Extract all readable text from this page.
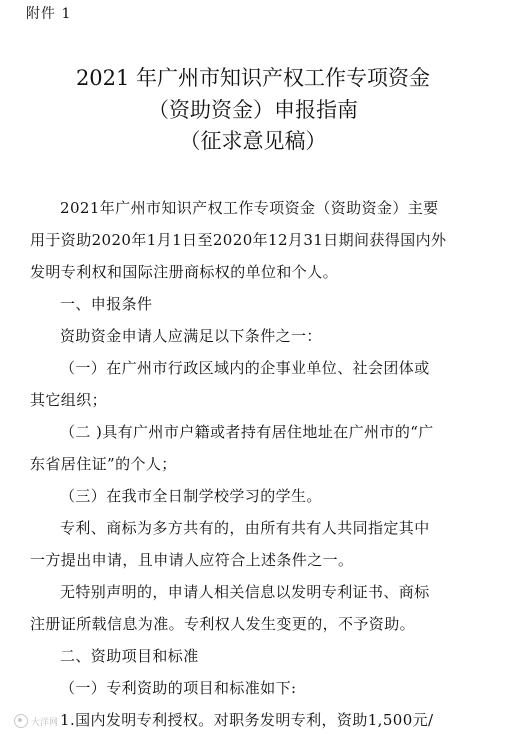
附件 1
2021 年广州市知识产权工作专项资金
（资助资金）申报指南
（征求意见稿）
2021年广州市知识产权工作专项资金（资助资金）主要
用于资助2020年1月1日至2020年12月31日期间获得国内外
发明专利权和国际注册商标权的单位和个人。
一、申报条件
资助资金申请人应满足以下条件之一：
（一）在广州市行政区域内的企事业单位、社会团体或
其它组织；
（二 )具有广州市户籍或者持有居住地址在广州市的“广
东省居住证”的个人；
（三）在我市全日制学校学习的学生。
专利、商标为多方共有的，由所有共有人共同指定其中
一方提出申请，且申请人应符合上述条件之一。
无特别声明的，申请人相关信息以发明专利证书、商标
注册证所载信息为准。专利权人发生变更的，不予资助。
二、资助项目和标准
（一）专利资助的项目和标准如下:
1.国内发明专利授权。对职务发明专利，资助1,500元/
大洋网
